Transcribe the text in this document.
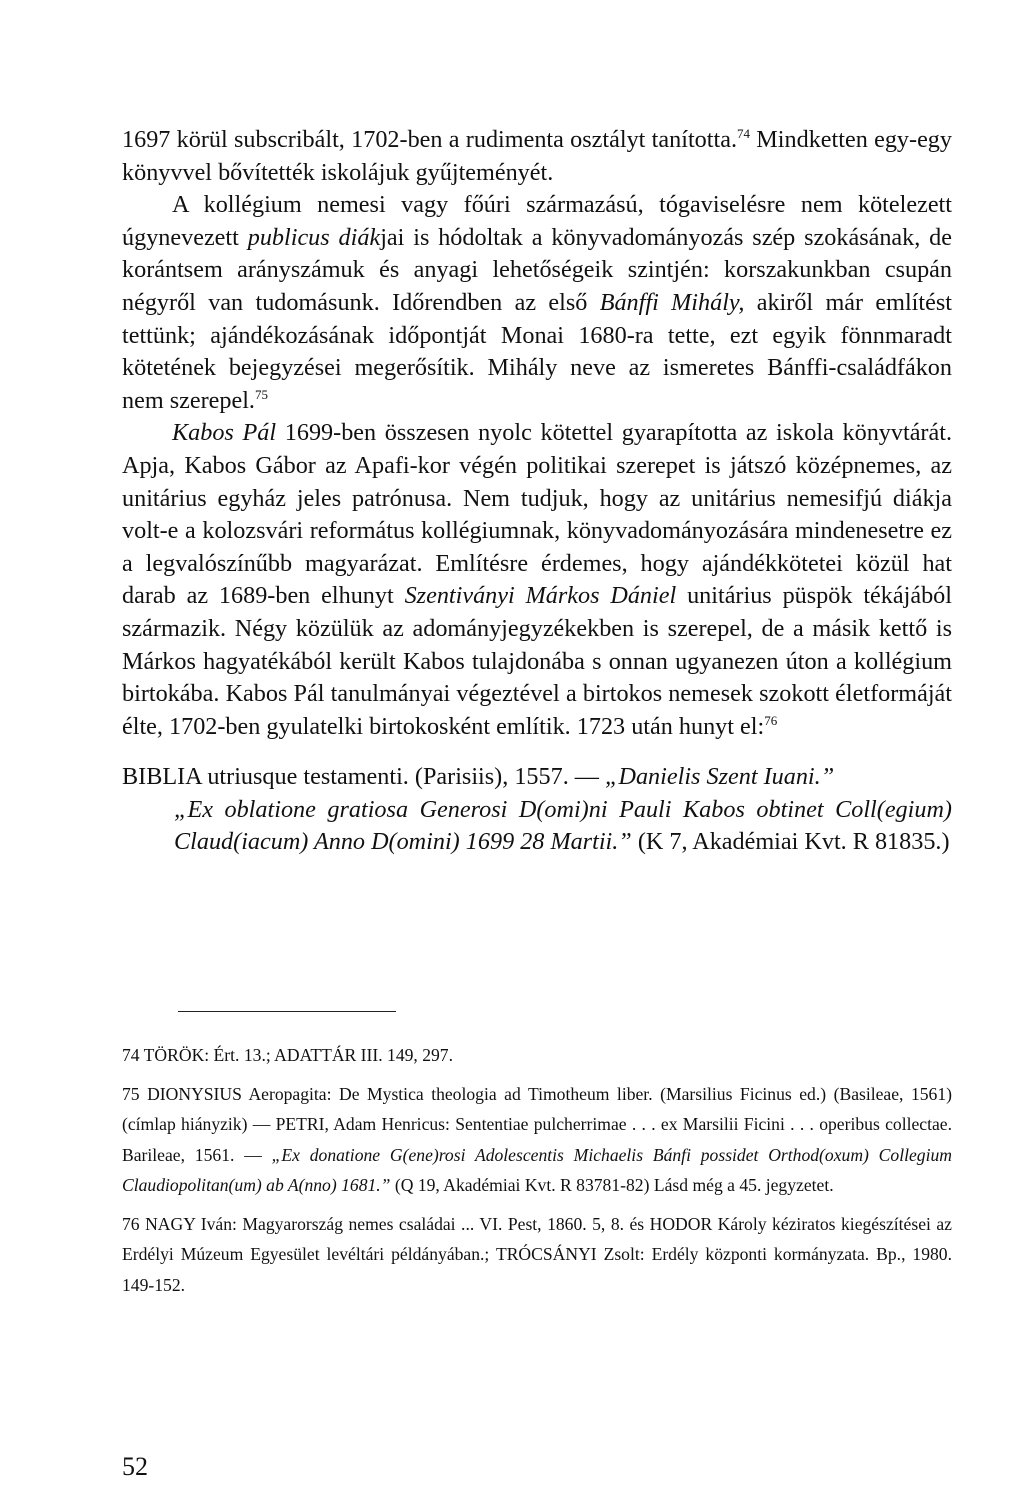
1697 körül subscribált, 1702-ben a rudimenta osztályt tanította.$^{74}$ Mindketten egy-egy könyvvel bővítették iskolájuk gyűjteményét.

A kollégium nemesi vagy főúri származású, tógaviselésre nem kötelezett úgynevezett publicus diákjai is hódoltak a könyvadományozás szép szokásának, de korántsem arányszámuk és anyagi lehetőségeik szintjén: korszakunkban csupán négyről van tudomásunk. Időrendben az első Bánffi Mihály, akiről már említést tettünk; ajándékozásának időpontját Monai 1680-ra tette, ezt egyik fönnmaradt kötetének bejegyzései megerősítik. Mihály neve az ismeretes Bánffi-családfákon nem szerepel.$^{75}$

Kabos Pál 1699-ben összesen nyolc kötettel gyarapította az iskola könyvtárát. Apja, Kabos Gábor az Apafi-kor végén politikai szerepet is játszó középnemes, az unitárius egyház jeles patrónusa. Nem tudjuk, hogy az unitárius nemesifjú diákja volt-e a kolozsvári református kollégiumnak, könyvadományozására mindenesetre ez a legvalószínűbb magyarázat. Említésre érdemes, hogy ajándékkötetei közül hat darab az 1689-ben elhunyt Szentiványi Márkos Dániel unitárius püspök tékájából származik. Négy közülük az adományjegyzékekben is szerepel, de a másik kettő is Márkos hagyatékából került Kabos tulajdonába s onnan ugyanezen úton a kollégium birtokába. Kabos Pál tanulmányai végeztével a birtokos nemesek szokott életformáját élte, 1702-ben gyulatelki birtokosként említik. 1723 után hunyt el:$^{76}$

BIBLIA utriusque testamenti. (Parisiis), 1557. — „Danielis Szent Iuani.”

„Ex oblatione gratiosa Generosi D(omi)ni Pauli Kabos obtinet Coll(egium) Claud(iacum) Anno D(omini) 1699 28 Martii.” (K 7, Akadémiai Kvt. R 81835.)

74 TÖRÖK: Ért. 13.; ADATTÁR III. 149, 297.

75 DIONYSIUS Aeropagita: De Mystica theologia ad Timotheum liber. (Marsilius Ficinus ed.) (Basileae, 1561) (címlap hiányzik) — PETRI, Adam Henricus: Sententiae pulcherrimae . . . ex Marsilii Ficini . . . operibus collectae. Barileae, 1561. — „Ex donatione G(ene)rosi Adolescentis Michaelis Bánfi possidet Orthod(oxum) Collegium Claudiopolitan(um) ab A(nno) 1681.” (Q 19, Akadémiai Kvt. R 83781-82) Lásd még a 45. jegyzetet.

76 NAGY Iván: Magyarország nemes családai ... VI. Pest, 1860. 5, 8. és HODOR Károly kéziratos kiegészítései az Erdélyi Múzeum Egyesület levéltári példányában.; TRÓCSÁNYI Zsolt: Erdély központi kormányzata. Bp., 1980. 149-152.

52
